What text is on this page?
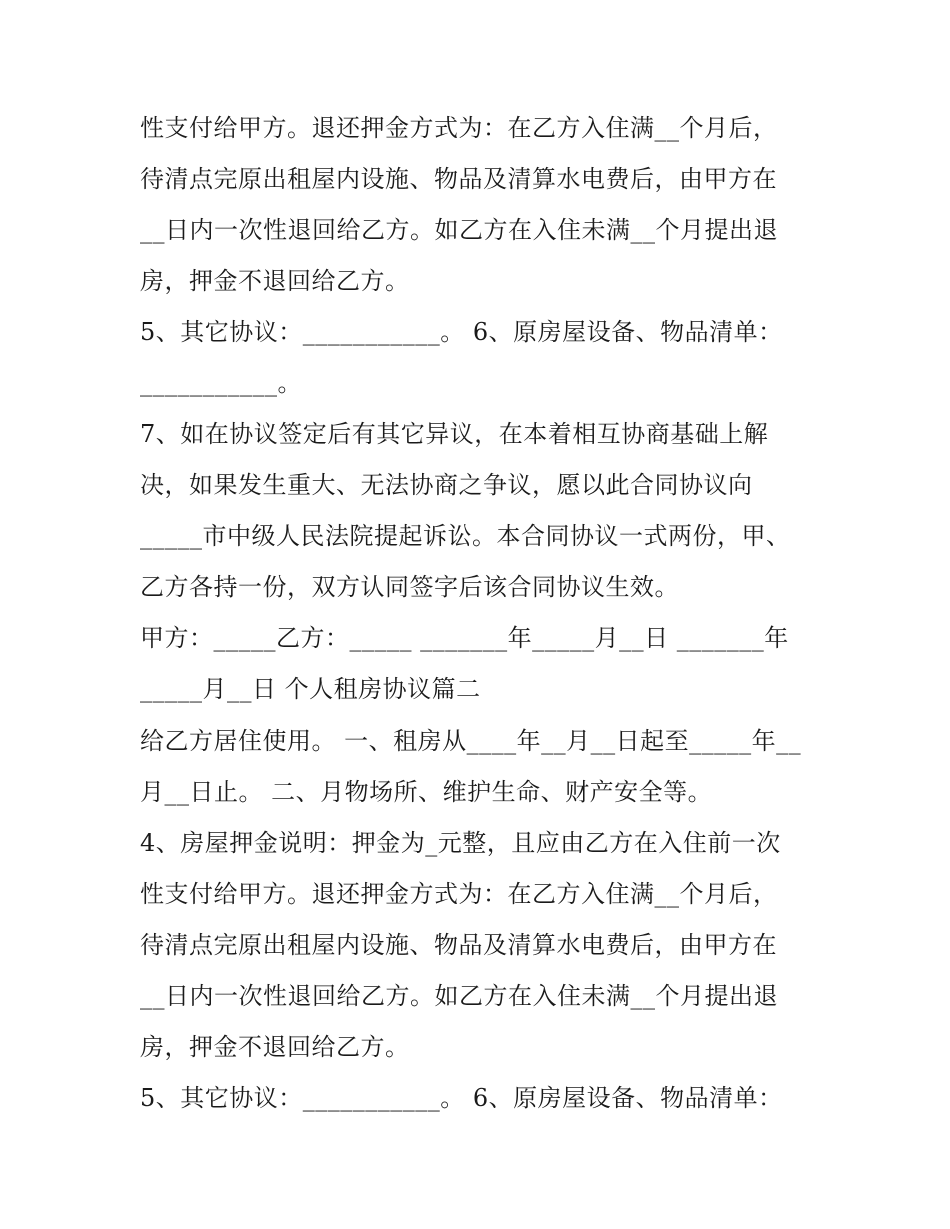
性支付给甲方。退还押金方式为：在乙方入住满__个月后，
待清点完原出租屋内设施、物品及清算水电费后，由甲方在
__日内一次性退回给乙方。如乙方在入住未满__个月提出退
房，押金不退回给乙方。
5、其它协议：___________。 6、原房屋设备、物品清单：
___________。
7、如在协议签定后有其它异议，在本着相互协商基础上解
决，如果发生重大、无法协商之争议，愿以此合同协议向
_____市中级人民法院提起诉讼。本合同协议一式两份，甲、
乙方各持一份，双方认同签字后该合同协议生效。
甲方：_____乙方：_____ _______年_____月__日 _______年
_____月__日 个人租房协议篇二
给乙方居住使用。 一、租房从____年__月__日起至_____年__
月__日止。 二、月物场所、维护生命、财产安全等。
4、房屋押金说明：押金为_元整，且应由乙方在入住前一次
性支付给甲方。退还押金方式为：在乙方入住满__个月后，
待清点完原出租屋内设施、物品及清算水电费后，由甲方在
__日内一次性退回给乙方。如乙方在入住未满__个月提出退
房，押金不退回给乙方。
5、其它协议：___________。 6、原房屋设备、物品清单：
